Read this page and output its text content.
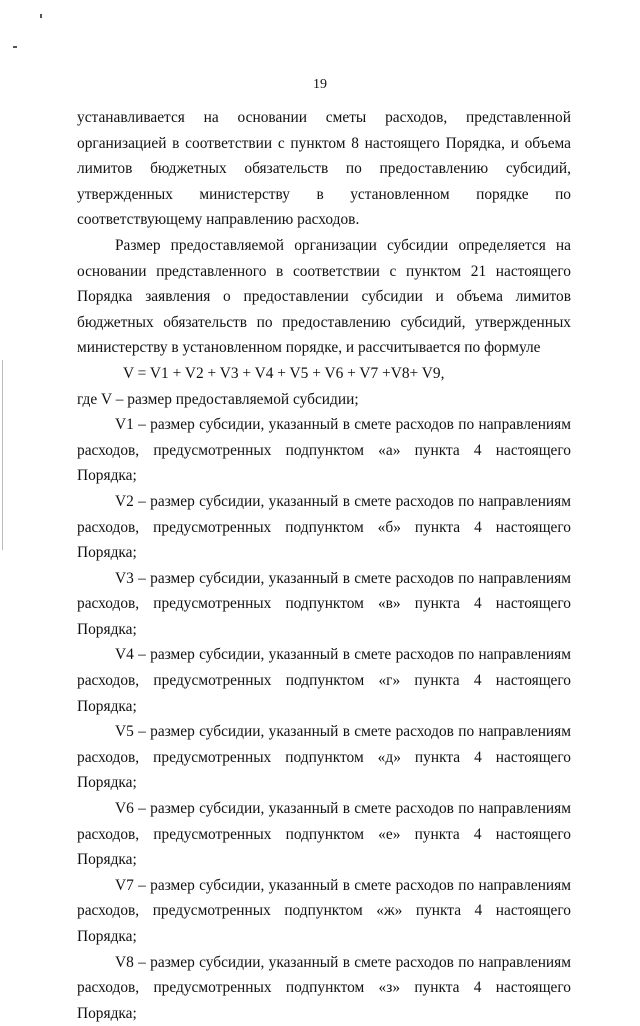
19

устанавливается на основании сметы расходов, представленной организацией в соответствии с пунктом 8 настоящего Порядка, и объема лимитов бюджетных обязательств по предоставлению субсидий, утвержденных министерству в установленном порядке по соответствующему направлению расходов.

Размер предоставляемой организации субсидии определяется на основании представленного в соответствии с пунктом 21 настоящего Порядка заявления о предоставлении субсидии и объема лимитов бюджетных обязательств по предоставлению субсидий, утвержденных министерству в установленном порядке, и рассчитывается по формуле

V = V1 + V2 + V3 + V4 + V5 + V6 + V7 +V8+ V9,

где V – размер предоставляемой субсидии;

V1 – размер субсидии, указанный в смете расходов по направлениям расходов, предусмотренных подпунктом «а» пункта 4 настоящего Порядка;

V2 – размер субсидии, указанный в смете расходов по направлениям расходов, предусмотренных подпунктом «б» пункта 4 настоящего Порядка;

V3 – размер субсидии, указанный в смете расходов по направлениям расходов, предусмотренных подпунктом «в» пункта 4 настоящего Порядка;

V4 – размер субсидии, указанный в смете расходов по направлениям расходов, предусмотренных подпунктом «г» пункта 4 настоящего Порядка;

V5 – размер субсидии, указанный в смете расходов по направлениям расходов, предусмотренных подпунктом «д» пункта 4 настоящего Порядка;

V6 – размер субсидии, указанный в смете расходов по направлениям расходов, предусмотренных подпунктом «е» пункта 4 настоящего Порядка;

V7 – размер субсидии, указанный в смете расходов по направлениям расходов, предусмотренных подпунктом «ж» пункта 4 настоящего Порядка;

V8 – размер субсидии, указанный в смете расходов по направлениям расходов, предусмотренных подпунктом «з» пункта 4 настоящего Порядка;
